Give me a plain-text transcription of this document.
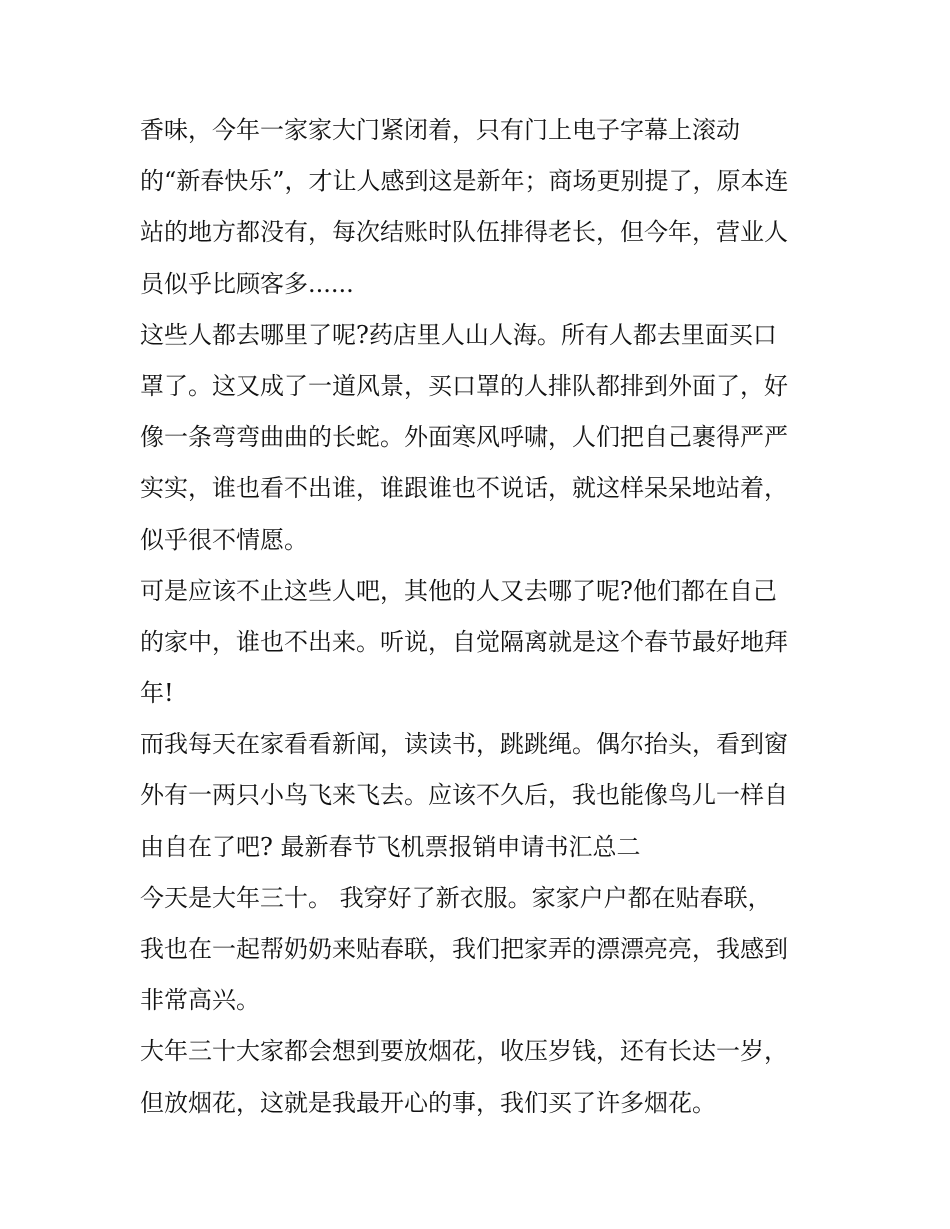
香味，今年一家家大门紧闭着，只有门上电子字幕上滚动
的“新春快乐”，才让人感到这是新年；商场更别提了，原本连
站的地方都没有，每次结账时队伍排得老长，但今年，营业人
员似乎比顾客多......
这些人都去哪里了呢?药店里人山人海。所有人都去里面买口
罩了。这又成了一道风景，买口罩的人排队都排到外面了，好
像一条弯弯曲曲的长蛇。外面寒风呼啸，人们把自己裹得严严
实实，谁也看不出谁，谁跟谁也不说话，就这样呆呆地站着，
似乎很不情愿。
可是应该不止这些人吧，其他的人又去哪了呢?他们都在自己
的家中，谁也不出来。听说，自觉隔离就是这个春节最好地拜
年!
而我每天在家看看新闻，读读书，跳跳绳。偶尔抬头，看到窗
外有一两只小鸟飞来飞去。应该不久后，我也能像鸟儿一样自
由自在了吧? 最新春节飞机票报销申请书汇总二
今天是大年三十。 我穿好了新衣服。家家户户都在贴春联，
我也在一起帮奶奶来贴春联，我们把家弄的漂漂亮亮，我感到
非常高兴。
大年三十大家都会想到要放烟花，收压岁钱，还有长达一岁，
但放烟花，这就是我最开心的事，我们买了许多烟花。
